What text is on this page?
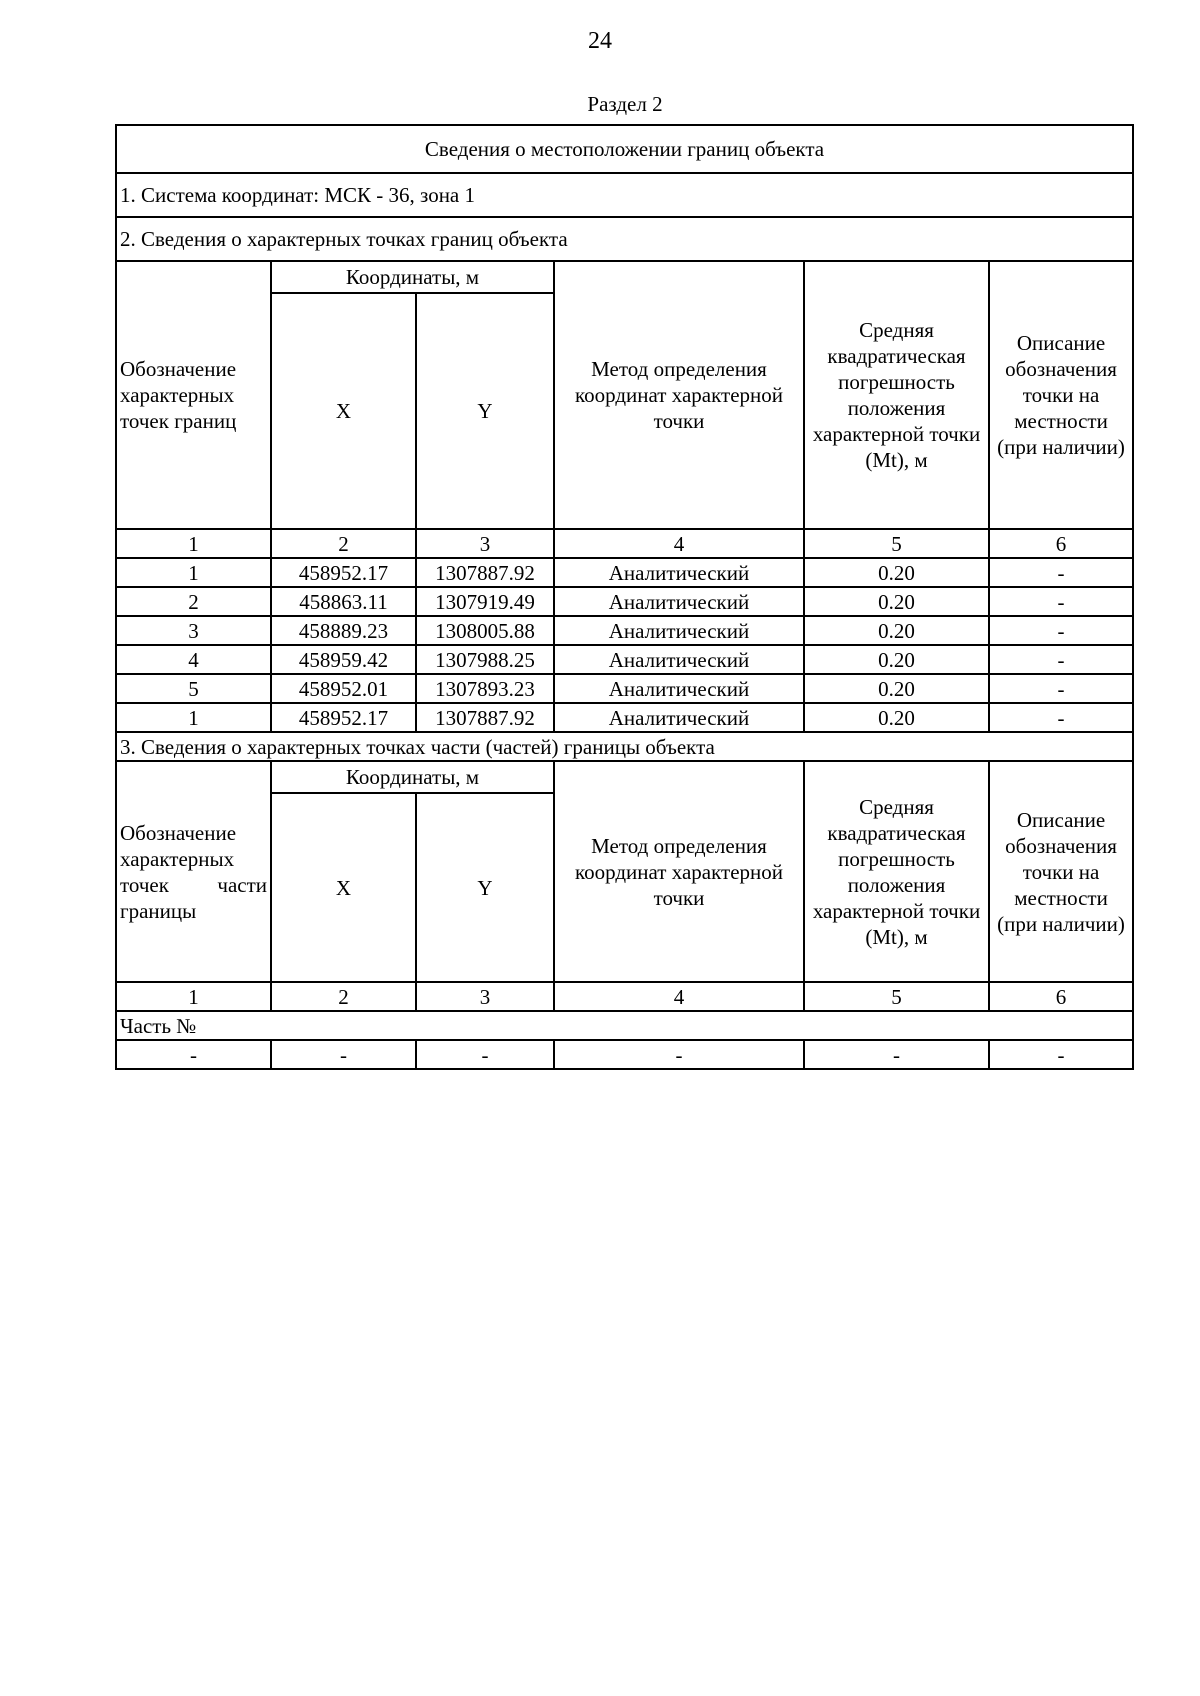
24
Раздел 2
Сведения о местоположении границ объекта					
1. Система координат: МСК - 36, зона 1					
2. Сведения о характерных точках границ объекта					
Обозначение характерных точек границ	Координаты, м		Метод определения координат характерной точки	Средняя квадратическая погрешность положения характерной точки (Mt), м	Описание обозначения точки на местности (при наличии)
	X	Y			
1	2	3	4	5	6
1	458952.17	1307887.92	Аналитический	0.20	-
2	458863.11	1307919.49	Аналитический	0.20	-
3	458889.23	1308005.88	Аналитический	0.20	-
4	458959.42	1307988.25	Аналитический	0.20	-
5	458952.01	1307893.23	Аналитический	0.20	-
1	458952.17	1307887.92	Аналитический	0.20	-
3. Сведения о характерных точках части (частей) границы объекта					
Обозначение характерных точек части границы	Координаты, м		Метод определения координат характерной точки	Средняя квадратическая погрешность положения характерной точки (Mt), м	Описание обозначения точки на местности (при наличии)
	X	Y			
1	2	3	4	5	6
Часть №					
-	-	-	-	-	-
